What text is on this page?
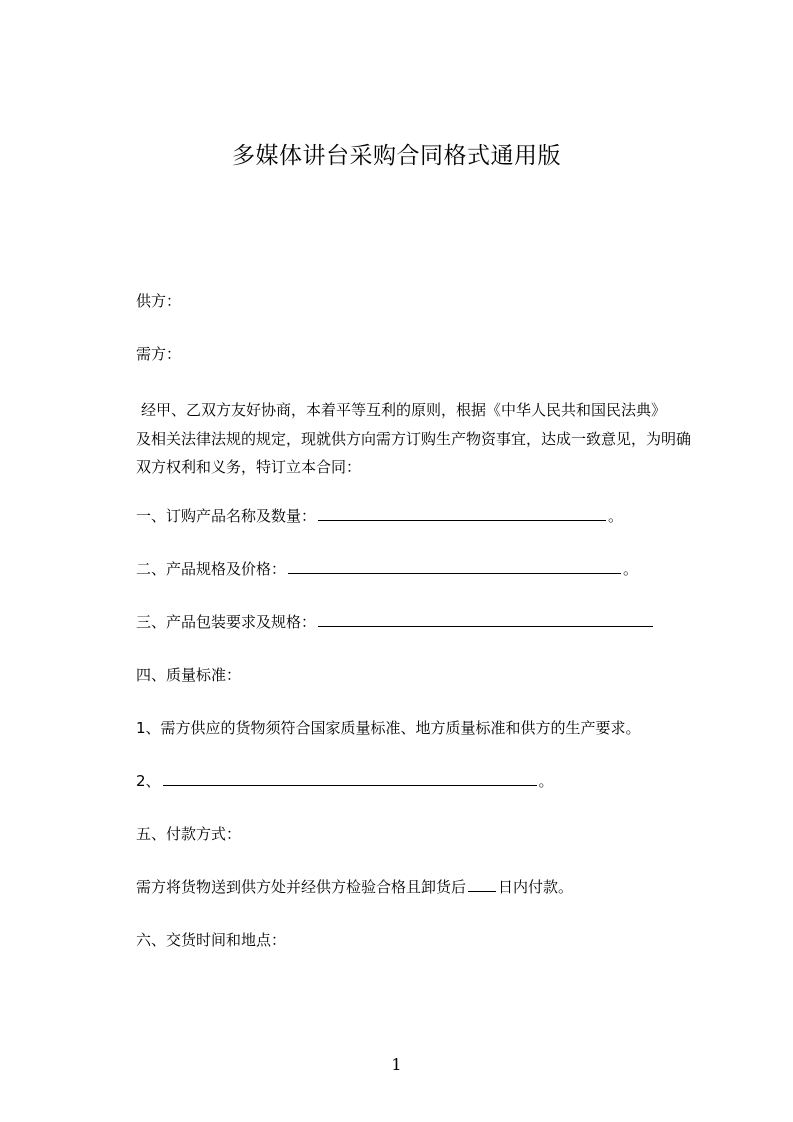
多媒体讲台采购合同格式通用版
供方：
需方：

经甲、乙双方友好协商，本着平等互利的原则，根据《中华人民共和国民法典》
及相关法律法规的规定，现就供方向需方订购生产物资事宜，达成一致意见，为明确
双方权利和义务，特订立本合同：

一、订购产品名称及数量：	。
二、产品规格及价格：	。
三、产品包装要求及规格：
四、质量标准：
1、需方供应的货物须符合国家质量标准、地方质量标准和供方的生产要求。
2、	。
五、付款方式：
需方将货物送到供方处并经供方检验合格且卸货后 日内付款。
六、交货时间和地点：
1
